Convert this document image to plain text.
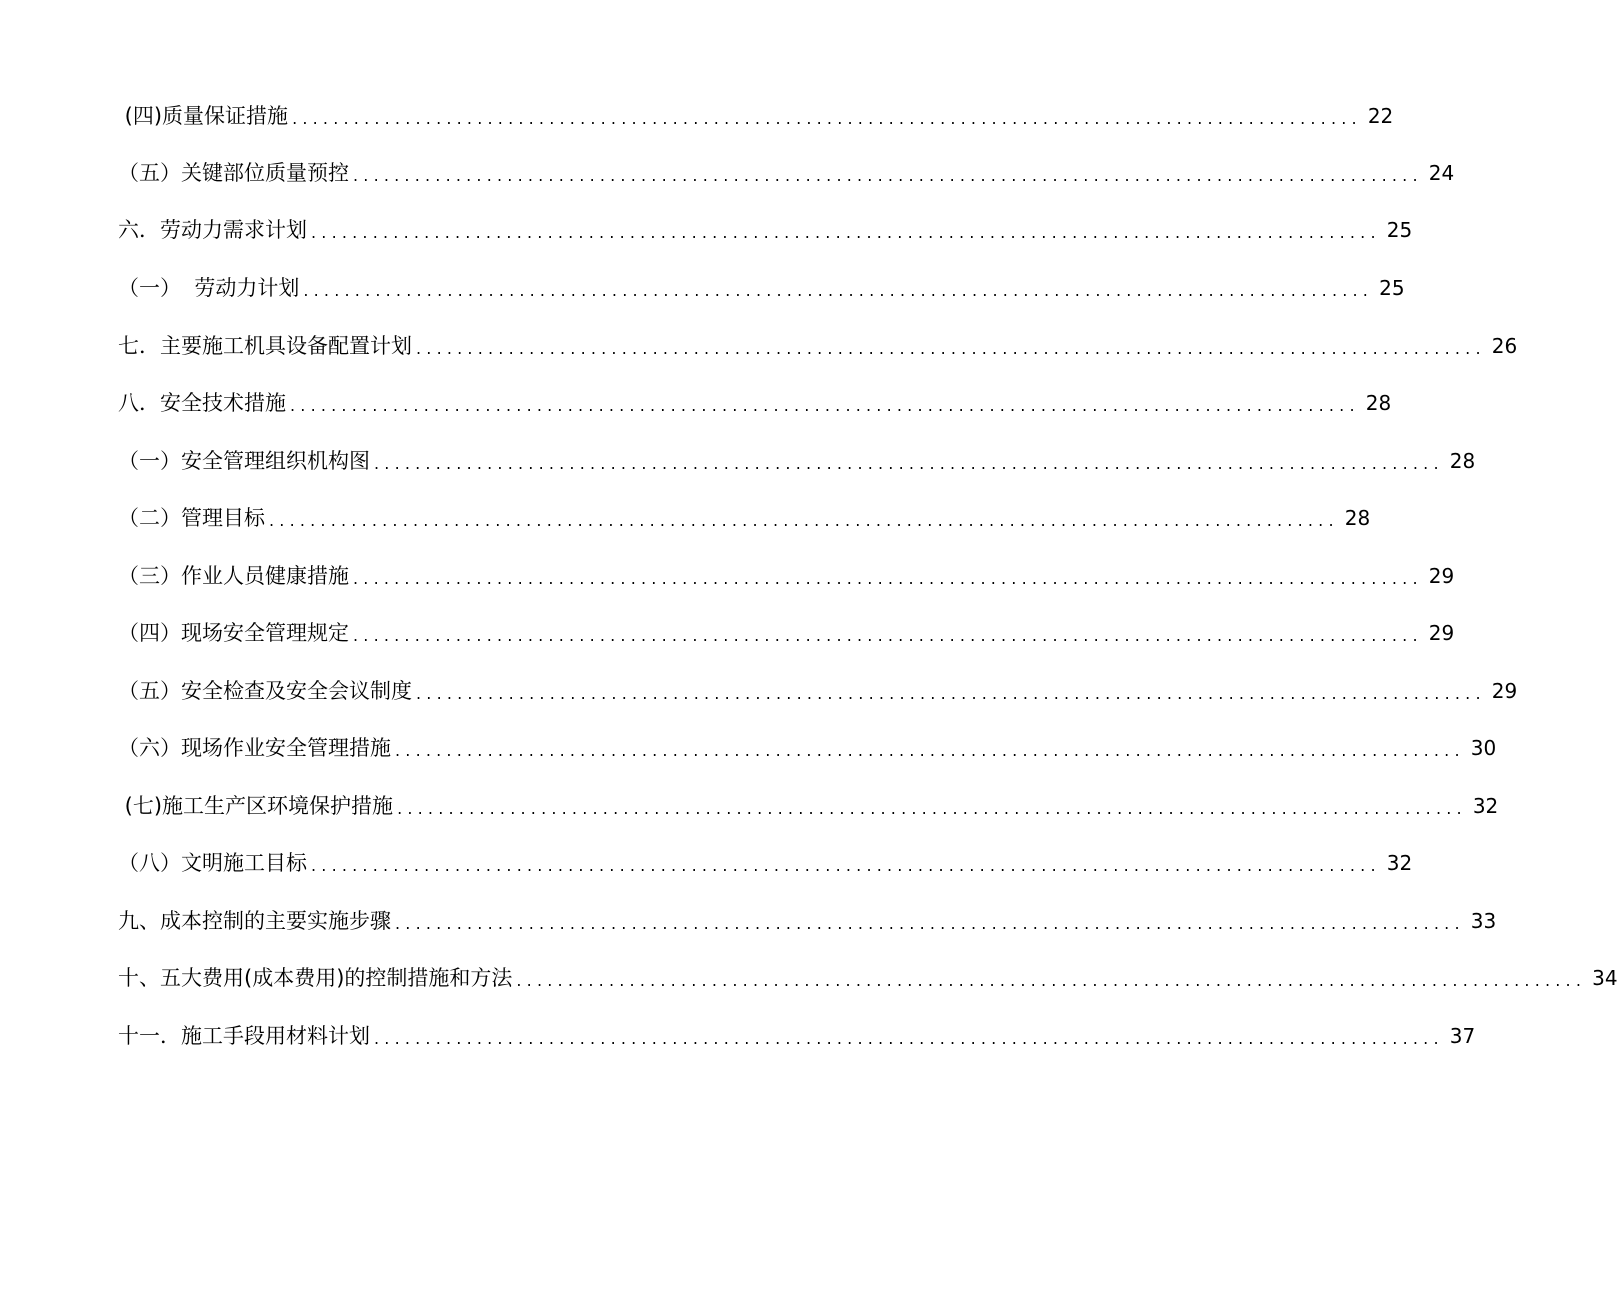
(四)质量保证措施 ........................................................................................................ 22
（五）关键部位质量预控 ........................................................................................................ 24
六．劳动力需求计划 ........................................................................................................ 25
（一）  劳动力计划 ........................................................................................................ 25
七．主要施工机具设备配置计划 ........................................................................................................ 26
八．安全技术措施 ........................................................................................................ 28
（一）安全管理组织机构图 ........................................................................................................ 28
（二）管理目标 ........................................................................................................ 28
（三）作业人员健康措施 ........................................................................................................ 29
（四）现场安全管理规定 ........................................................................................................ 29
（五）安全检查及安全会议制度 ........................................................................................................ 29
（六）现场作业安全管理措施 ........................................................................................................ 30
(七)施工生产区环境保护措施 ........................................................................................................ 32
（八）文明施工目标 ........................................................................................................ 32
九、成本控制的主要实施步骤 ........................................................................................................ 33
十、五大费用(成本费用)的控制措施和方法 ........................................................................................................ 34
十一．施工手段用材料计划 ........................................................................................................ 37
